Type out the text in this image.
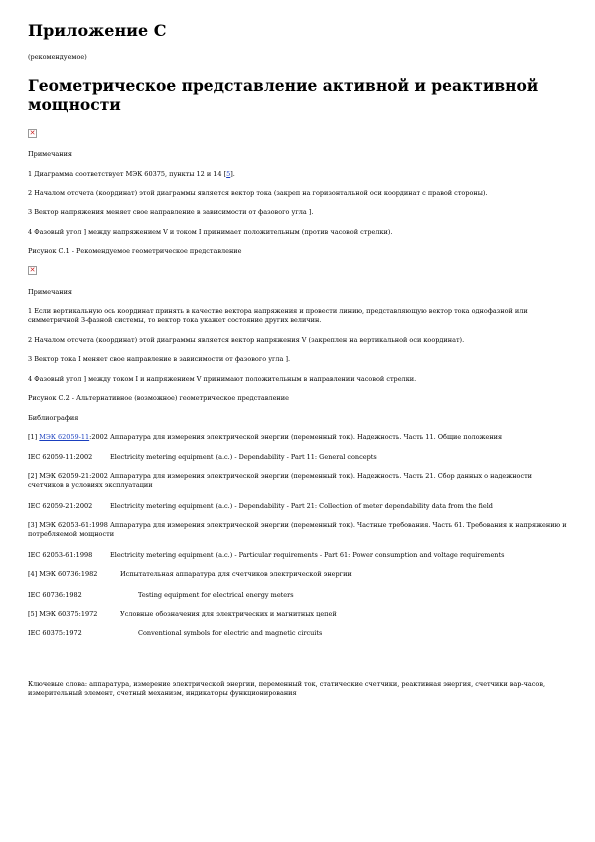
Приложение С
(рекомендуемое)
Геометрическое представление активной и реактивной мощности
✕
Примечания
1 Диаграмма соответствует МЭК 60375, пункты 12 и 14 [5].
2 Началом отсчета (координат) этой диаграммы является вектор тока (закреп на горизонтальной оси координат с правой стороны).
3 Вектор напряжения меняет свое направление в зависимости от фазового угла ].
4 Фазовый угол ] между напряжением V и током I принимает положительным (против часовой стрелки).
Рисунок С.1 - Рекомендуемое геометрическое представление
✕
Примечания
1 Если вертикальную ось координат принять в качестве вектора напряжения и провести линию, представляющую вектор тока однофазной или симметричной 3-фазной системы, то вектор тока укажет состояние других величин.
2 Началом отсчета (координат) этой диаграммы является вектор напряжения V (закреплен на вертикальной оси координат).
3 Вектор тока I меняет свое направление в зависимости от фазового угла ].
4 Фазовый угол ] между током I и напряжением V принимают положительным в направлении часовой стрелки.
Рисунок С.2 - Альтернативное (возможное) геометрическое представление
Библиография
[1] МЭК 62059-11:2002 Аппаратура для измерения электрической энергии (переменный ток). Надежность. Часть 11. Общие положения
IEC 62059-11:2002	Electricity metering equipment (a.c.) - Dependability - Part 11: General concepts
[2] МЭК 62059-21:2002 Аппаратура для измерения электрической энергии (переменный ток). Надежность. Часть 21. Сбор данных о надежности счетчиков в условиях эксплуатации
IEC 62059-21:2002	Electricity metering equipment (a.c.) - Dependability - Part 21: Collection of meter dependability data from the field
[3] МЭК 62053-61:1998 Аппаратура для измерения электрической энергии (переменный ток). Частные требования. Часть 61. Требования к напряжению и потребляемой мощности
IEC 62053-61:1998	Electricity metering equipment (a.c.) - Particular requirements - Part 61: Power consumption and voltage requirements
[4] МЭК 60736:1982	Испытательная аппаратура для счетчиков электрической энергии
IEC 60736:1982	Testing equipment for electrical energy meters
[5] МЭК 60375:1972	Условные обозначения для электрических и магнитных цепей
IEC 60375:1972	Conventional symbols for electric and magnetic circuits
Ключевые слова: аппаратура, измерение электрической энергии, переменный ток, статические счетчики, реактивная энергия, счетчики вар-часов, измерительный элемент, счетный механизм, индикаторы функционирования
